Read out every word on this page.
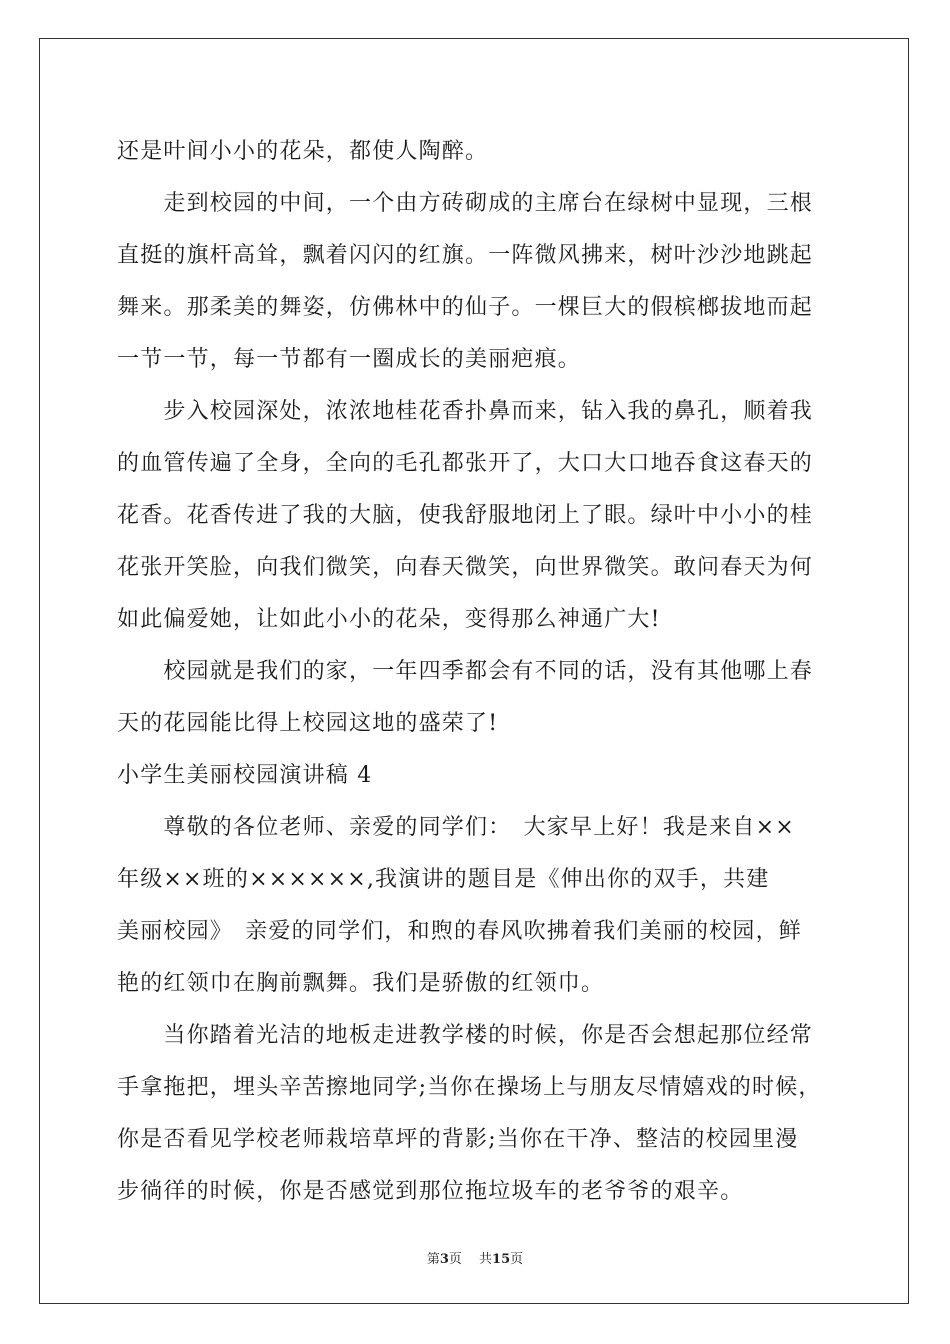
还是叶间小小的花朵，都使人陶醉。
　　走到校园的中间，一个由方砖砌成的主席台在绿树中显现，三根
直挺的旗杆高耸，飘着闪闪的红旗。一阵微风拂来，树叶沙沙地跳起
舞来。那柔美的舞姿，仿佛林中的仙子。一棵巨大的假槟榔拔地而起
一节一节，每一节都有一圈成长的美丽疤痕。
　　步入校园深处，浓浓地桂花香扑鼻而来，钻入我的鼻孔，顺着我
的血管传遍了全身，全向的毛孔都张开了，大口大口地吞食这春天的
花香。花香传进了我的大脑，使我舒服地闭上了眼。绿叶中小小的桂
花张开笑脸，向我们微笑，向春天微笑，向世界微笑。敢问春天为何
如此偏爱她，让如此小小的花朵，变得那么神通广大!
　　校园就是我们的家，一年四季都会有不同的话，没有其他哪上春
天的花园能比得上校园这地的盛荣了!
小学生美丽校园演讲稿 4
　　尊敬的各位老师、亲爱的同学们：　大家早上好！我是来自××
年级××班的××××××,我演讲的题目是《伸出你的双手，共建
美丽校园》　亲爱的同学们，和煦的春风吹拂着我们美丽的校园，鲜
艳的红领巾在胸前飘舞。我们是骄傲的红领巾。
　　当你踏着光洁的地板走进教学楼的时候，你是否会想起那位经常
手拿拖把，埋头辛苦擦地同学;当你在操场上与朋友尽情嬉戏的时候，
你是否看见学校老师栽培草坪的背影;当你在干净、整洁的校园里漫
步徜徉的时候，你是否感觉到那位拖垃圾车的老爷爷的艰辛。
第3页　 共15页
